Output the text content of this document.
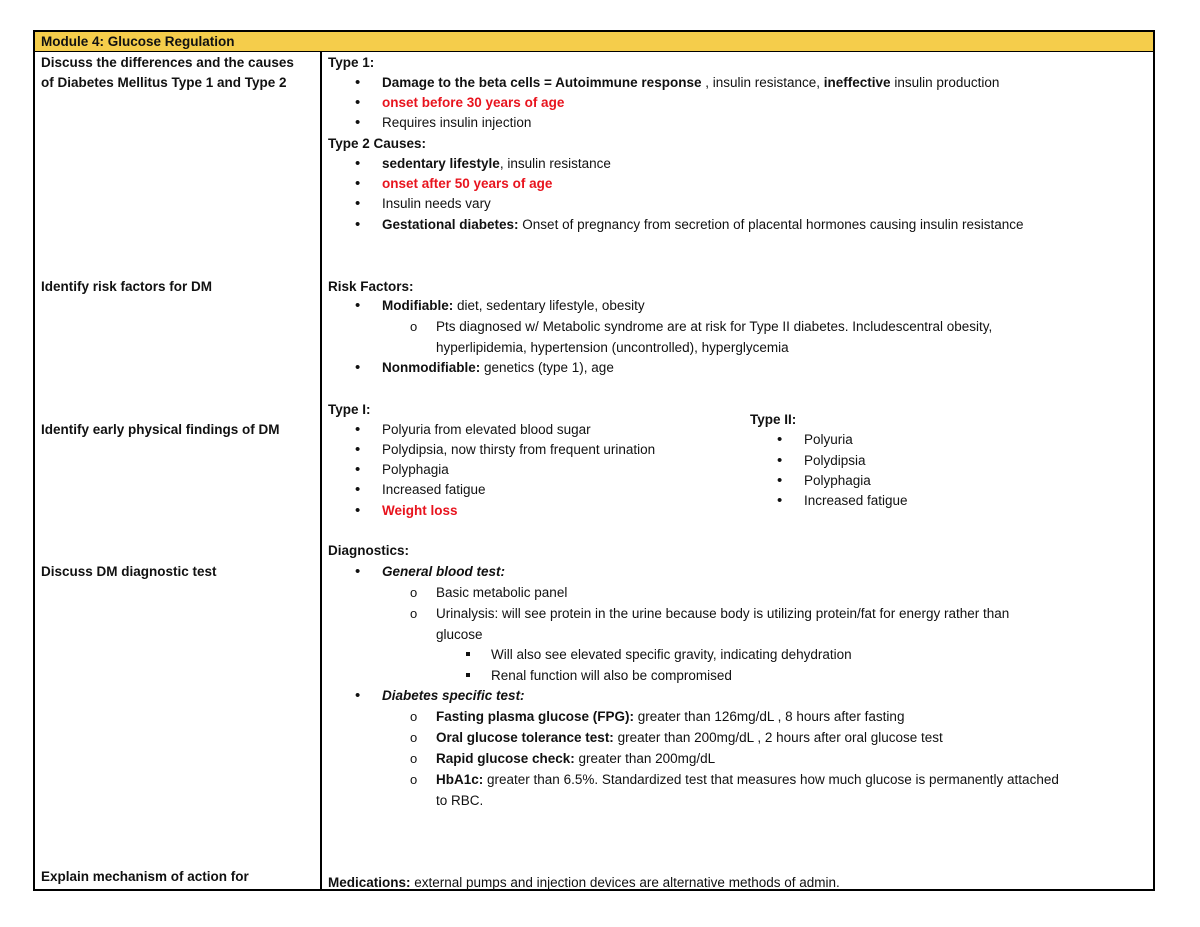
Module 4: Glucose Regulation
Discuss the differences and the causes
of Diabetes Mellitus Type 1 and Type 2
Identify risk factors for DM
Identify early physical findings of DM
Discuss DM diagnostic test
Explain mechanism of action for
Type 1:
• Damage to the beta cells = Autoimmune response , insulin resistance, ineffective insulin production
• onset before 30 years of age
• Requires insulin injection
Type 2 Causes:
• sedentary lifestyle, insulin resistance
• onset after 50 years of age
• Insulin needs vary
• Gestational diabetes: Onset of pregnancy from secretion of placental hormones causing insulin resistance
Risk Factors:
• Modifiable: diet, sedentary lifestyle, obesity
o Pts diagnosed w/ Metabolic syndrome are at risk for Type II diabetes. Includescentral obesity,
hyperlipidemia, hypertension (uncontrolled), hyperglycemia
• Nonmodifiable: genetics (type 1), age
Type I:
• Polyuria from elevated blood sugar
• Polydipsia, now thirsty from frequent urination
• Polyphagia
• Increased fatigue
• Weight loss
Type II:
• Polyuria
• Polydipsia
• Polyphagia
• Increased fatigue
Diagnostics:
• General blood test:
o Basic metabolic panel
o Urinalysis: will see protein in the urine because body is utilizing protein/fat for energy rather than
glucose
Will also see elevated specific gravity, indicating dehydration
Renal function will also be compromised
• Diabetes specific test:
o Fasting plasma glucose (FPG): greater than 126mg/dL , 8 hours after fasting
o Oral glucose tolerance test: greater than 200mg/dL , 2 hours after oral glucose test
o Rapid glucose check: greater than 200mg/dL
o HbA1c: greater than 6.5%. Standardized test that measures how much glucose is permanently attached
to RBC.
Medications: external pumps and injection devices are alternative methods of admin.
